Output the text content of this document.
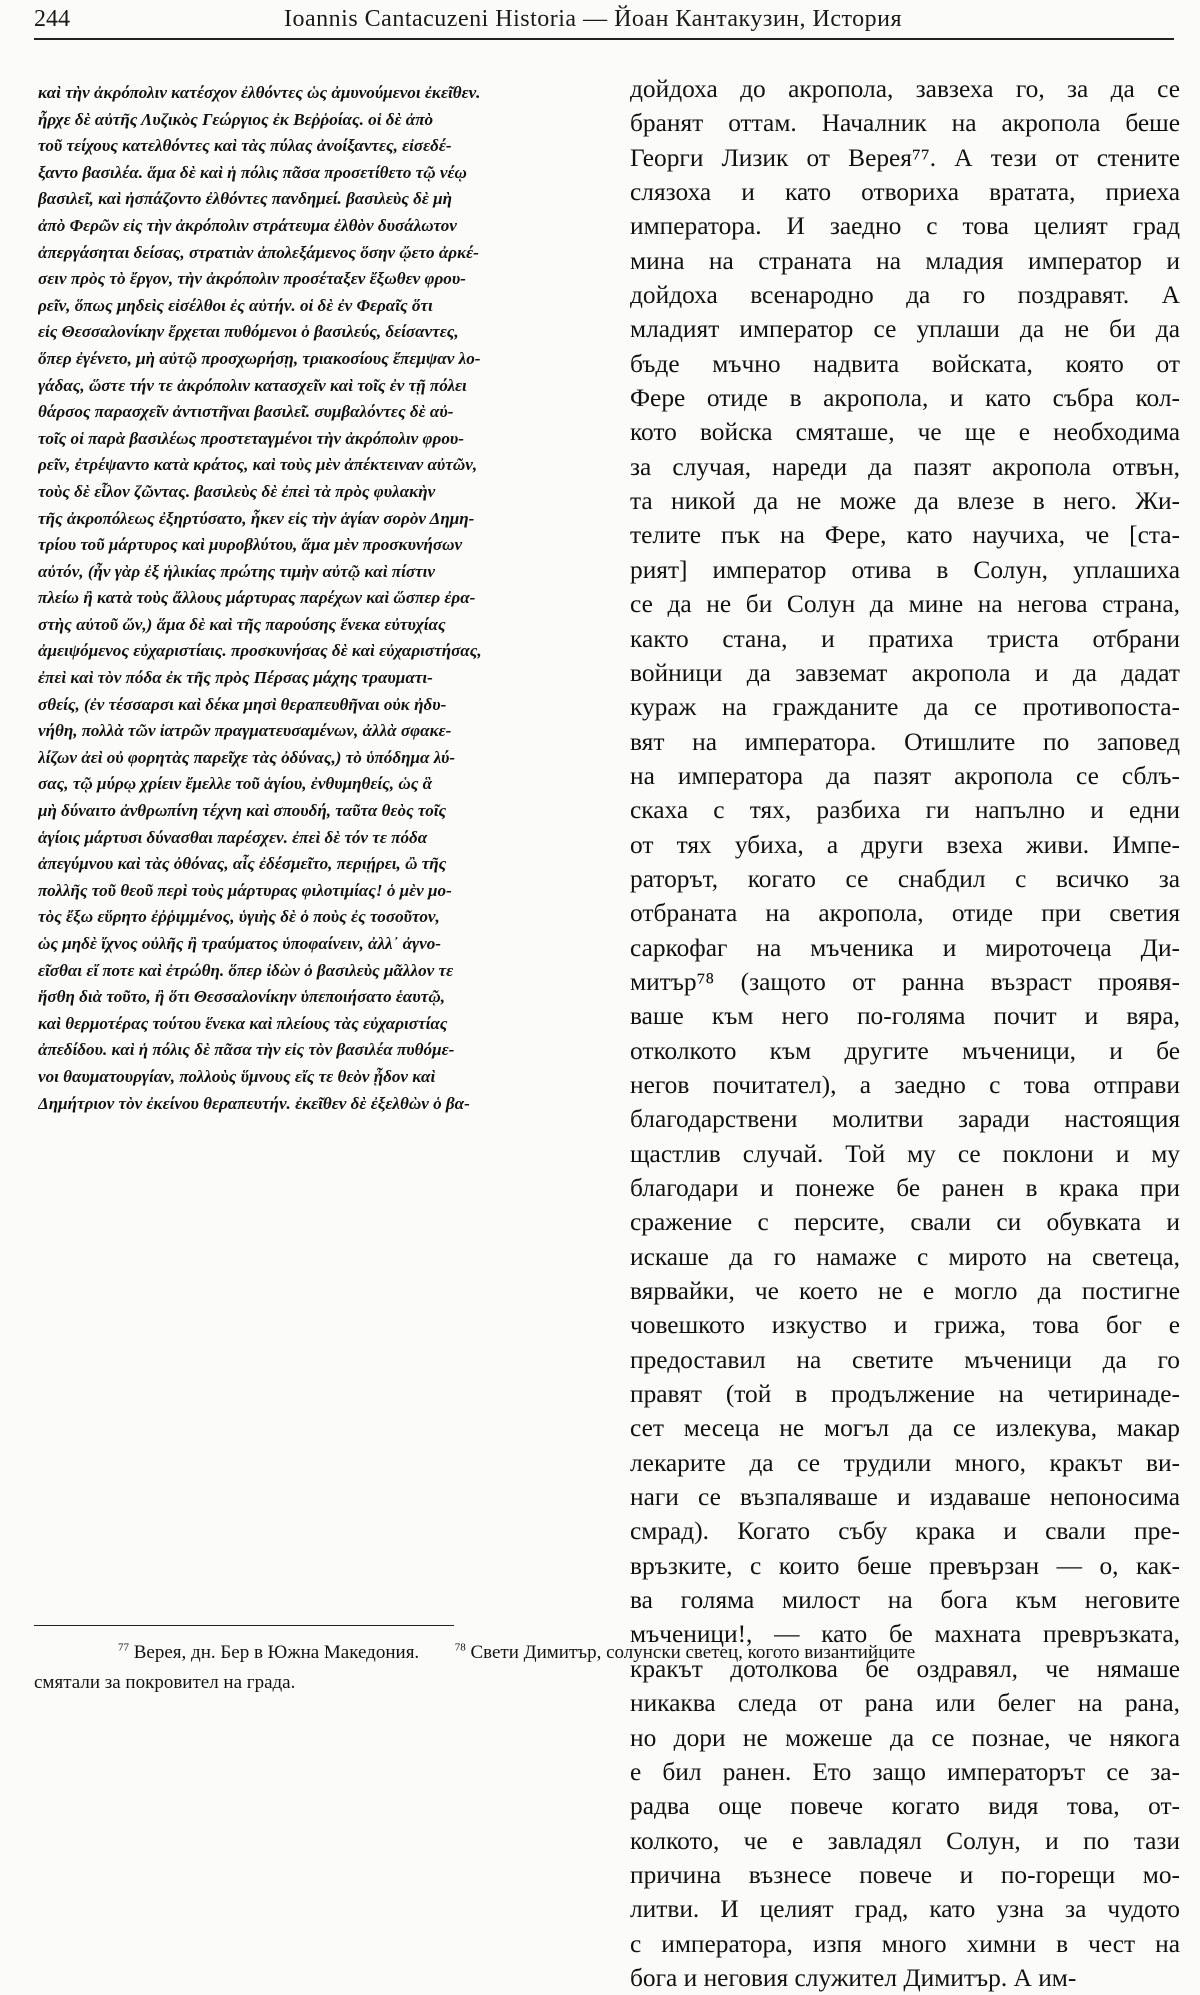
244	Ioannis Cantacuzeni Historia — Йоан Кантакузин, История
καὶ τὴν ἀκρόπολιν κατέσχον ἐλθόντες ὡς ἀμυνούμενοι ἐκεῖθεν.
ἦρχε δὲ αὐτῆς Λυζικὸς Γεώργιος ἐκ Βεῤῥοίας. οἱ δὲ ἀπὸ
τοῦ τείχους κατελθόντες καὶ τὰς πύλας ἀνοίξαντες, εἰσεδέ-
ξαντο βασιλέα. ἅμα δὲ καὶ ἡ πόλις πᾶσα προσετίθετο τῷ νέῳ
βασιλεῖ, καὶ ἠσπάζοντο ἐλθόντες πανδημεί. βασιλεὺς δὲ μὴ
ἀπὸ Φερῶν εἰς τὴν ἀκρόπολιν στράτευμα ἐλθὸν δυσάλωτον
ἀπεργάσηται δείσας, στρατιὰν ἀπολεξάμενος ὅσην ᾤετο ἀρκέ-
σειν πρὸς τὸ ἔργον, τὴν ἀκρόπολιν προσέταξεν ἔξωθεν φρου-
ρεῖν, ὅπως μηδεὶς εἰσέλθοι ἐς αὐτήν. οἱ δὲ ἐν Φεραῖς ὅτι
εἰς Θεσσαλονίκην ἔρχεται πυθόμενοι ὁ βασιλεύς, δείσαντες,
ὅπερ ἐγένετο, μὴ αὐτῷ προσχωρήσῃ, τριακοσίους ἔπεμψαν λο-
γάδας, ὥστε τήν τε ἀκρόπολιν κατασχεῖν καὶ τοῖς ἐν τῇ πόλει
θάρσος παρασχεῖν ἀντιστῆναι βασιλεῖ. συμβαλόντες δὲ αὐ-
τοῖς οἱ παρὰ βασιλέως προστεταγμένοι τὴν ἀκρόπολιν φρου-
ρεῖν, ἐτρέψαντο κατὰ κράτος, καὶ τοὺς μὲν ἀπέκτειναν αὐτῶν,
τοὺς δὲ εἷλον ζῶντας. βασιλεὺς δὲ ἐπεὶ τὰ πρὸς φυλακὴν
τῆς ἀκροπόλεως ἐξηρτύσατο, ἧκεν εἰς τὴν ἁγίαν σορὸν Δημη-
τρίου τοῦ μάρτυρος καὶ μυροβλύτου, ἅμα μὲν προσκυνήσων
αὐτόν, (ἦν γὰρ ἐξ ἡλικίας πρώτης τιμὴν αὐτῷ καὶ πίστιν
πλείω ἢ κατὰ τοὺς ἄλλους μάρτυρας παρέχων καὶ ὥσπερ ἐρα-
στὴς αὐτοῦ ὤν,) ἅμα δὲ καὶ τῆς παρούσης ἕνεκα εὐτυχίας
ἀμειψόμενος εὐχαριστίαις. προσκυνήσας δὲ καὶ εὐχαριστήσας,
ἐπεὶ καὶ τὸν πόδα ἐκ τῆς πρὸς Πέρσας μάχης τραυματι-
σθείς, (ἐν τέσσαρσι καὶ δέκα μησὶ θεραπευθῆναι οὐκ ἠδυ-
νήθη, πολλὰ τῶν ἰατρῶν πραγματευσαμένων, ἀλλὰ σφακε-
λίζων ἀεὶ οὐ φορητὰς παρεῖχε τὰς ὀδύνας,) τὸ ὑπόδημα λύ-
σας, τῷ μύρῳ χρίειν ἔμελλε τοῦ ἁγίου, ἐνθυμηθείς, ὡς ἃ
μὴ δύναιτο ἀνθρωπίνη τέχνη καὶ σπουδή, ταῦτα θεὸς τοῖς
ἁγίοις μάρτυσι δύνασθαι παρέσχεν. ἐπεὶ δὲ τόν τε πόδα
ἀπεγύμνου καὶ τὰς ὀθόνας, αἷς ἐδέσμεῖτο, περιῄρει, ὢ τῆς
πολλῆς τοῦ θεοῦ περὶ τοὺς μάρτυρας φιλοτιμίας! ὁ μὲν μο-
τὸς ἔξω εὕρητο ἐῤῥιμμένος, ὑγιὴς δὲ ὁ ποὺς ἐς τοσοῦτον,
ὡς μηδὲ ἴχνος οὐλῆς ἢ τραύματος ὑποφαίνειν, ἀλλ᾿ ἀγνο-
εῖσθαι εἴ ποτε καὶ ἐτρώθη. ὅπερ ἰδὼν ὁ βασιλεὺς μᾶλλον τε
ἥσθη διὰ τοῦτο, ἢ ὅτι Θεσσαλονίκην ὑπεποιήσατο ἑαυτῷ,
καὶ θερμοτέρας τούτου ἕνεκα καὶ πλείους τὰς εὐχαριστίας
ἀπεδίδου. καὶ ἡ πόλις δὲ πᾶσα τὴν εἰς τὸν βασιλέα πυθόμε-
νοι θαυματουργίαν, πολλοὺς ὕμνους εἴς τε θεὸν ᾖδον καὶ
Δημήτριον τὸν ἐκείνου θεραπευτήν. ἐκεῖθεν δὲ ἐξελθὼν ὁ βα-
дойдоха до акропола, завзеха го, за да се
бранят оттам. Началник на акропола беше
Георги Лизик от Верея⁷⁷. А тези от стените
слязоха и като отвориха вратата, приеха
императора. И заедно с това целият град
мина на страната на младия император и
дойдоха всенародно да го поздравят. А
младият император се уплаши да не би да
бъде мъчно надвита войската, която от
Фере отиде в акропола, и като събра кол-
кото войска смяташе, че ще е необходима
за случая, нареди да пазят акропола отвън,
та никой да не може да влезе в него. Жи-
телите пък на Фере, като научиха, че [ста-
рият] император отива в Солун, уплашиха
се да не би Солун да мине на негова страна,
както стана, и пратиха триста отбрани
войници да завземат акропола и да дадат
кураж на гражданите да се противопоста-
вят на императора. Отишлите по заповед
на императора да пазят акропола се сблъ-
скаха с тях, разбиха ги напълно и едни
от тях убиха, а други взеха живи. Импе-
раторът, когато се снабдил с всичко за
отбраната на акропола, отиде при светия
саркофаг на мъченика и мироточеца Ди-
митър⁷⁸ (защото от ранна възраст проявя-
ваше към него по-голяма почит и вяра,
отколкото към другите мъченици, и бе
негов почитател), а заедно с това отправи
благодарствени молитви заради настоящия
щастлив случай. Той му се поклони и му
благодари и понеже бе ранен в крака при
сражение с персите, свали си обувката и
искаше да го намаже с мирото на светеца,
вярвайки, че което не е могло да постигне
човешкото изкуство и грижа, това бог е
предоставил на светите мъченици да го
правят (той в продължение на четиринаде-
сет месеца не могъл да се излекува, макар
лекарите да се трудили много, кракът ви-
наги се възпаляваше и издаваше непоносима
смрад). Когато събу крака и свали пре-
връзките, с които беше превързан — о, как-
ва голяма милост на бога към неговите
мъченици!, — като бе махната превръзката,
кракът дотолкова бе оздравял, че нямаше
никаква следа от рана или белег на рана,
но дори не можеше да се познае, че някога
е бил ранен. Ето защо императорът се за-
радва още повече когато видя това, от-
колкото, че е завладял Солун, и по тази
причина възнесе повече и по-горещи мо-
литви. И целият град, като узна за чудото
с императора, изпя много химни в чест на
бога и неговия служител Димитър. А им-
$^{77}$ Верея, дн. Бер в Южна Македония.	$^{78}$ Свети Димитър, солунски светец, когото византийците
смятали за покровител на града.
